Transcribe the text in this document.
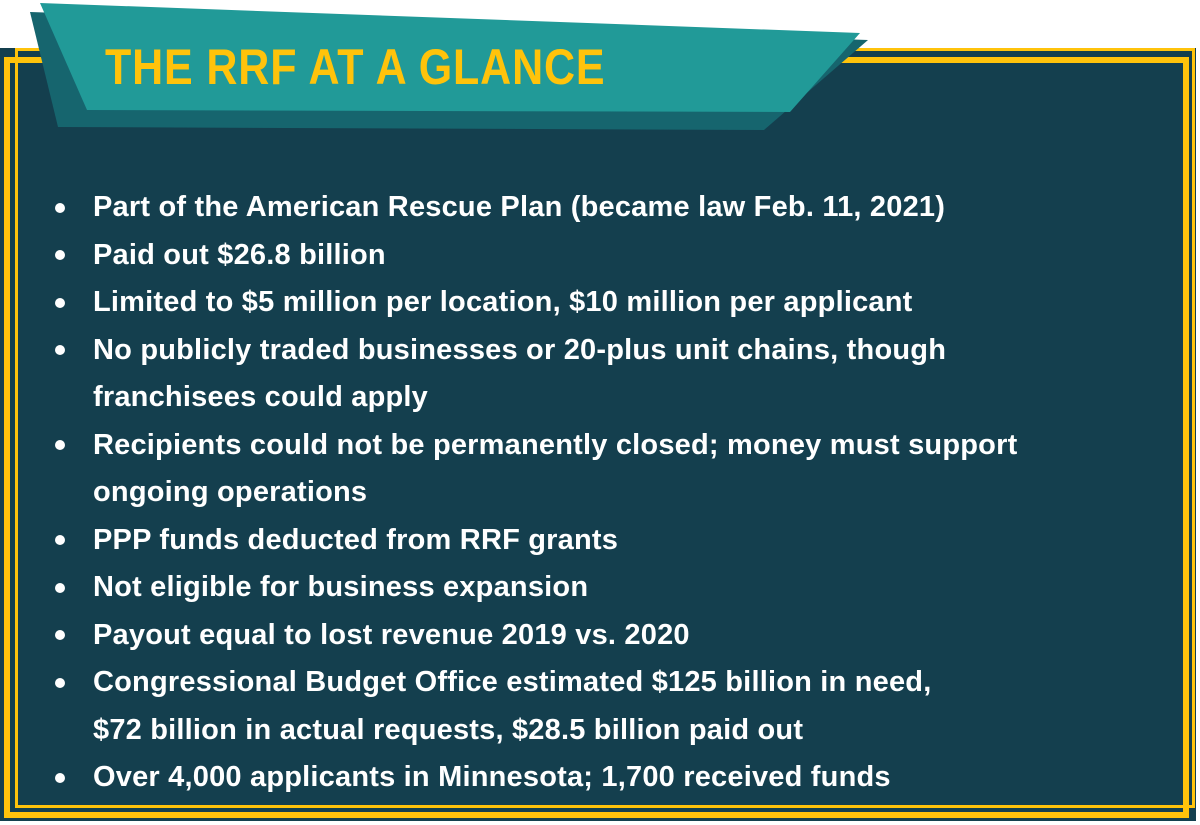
Part of the American Rescue Plan (became law Feb. 11, 2021)
Paid out $26.8 billion
Limited to $5 million per location, $10 million per applicant
No publicly traded businesses or 20-plus unit chains, though
franchisees could apply
Recipients could not be permanently closed; money must support
ongoing operations
PPP funds deducted from RRF grants
Not eligible for business expansion
Payout equal to lost revenue 2019 vs. 2020
Congressional Budget Office estimated $125 billion in need,
$72 billion in actual requests, $28.5 billion paid out
Over 4,000 applicants in Minnesota; 1,700 received funds
THE RRF AT A GLANCE
